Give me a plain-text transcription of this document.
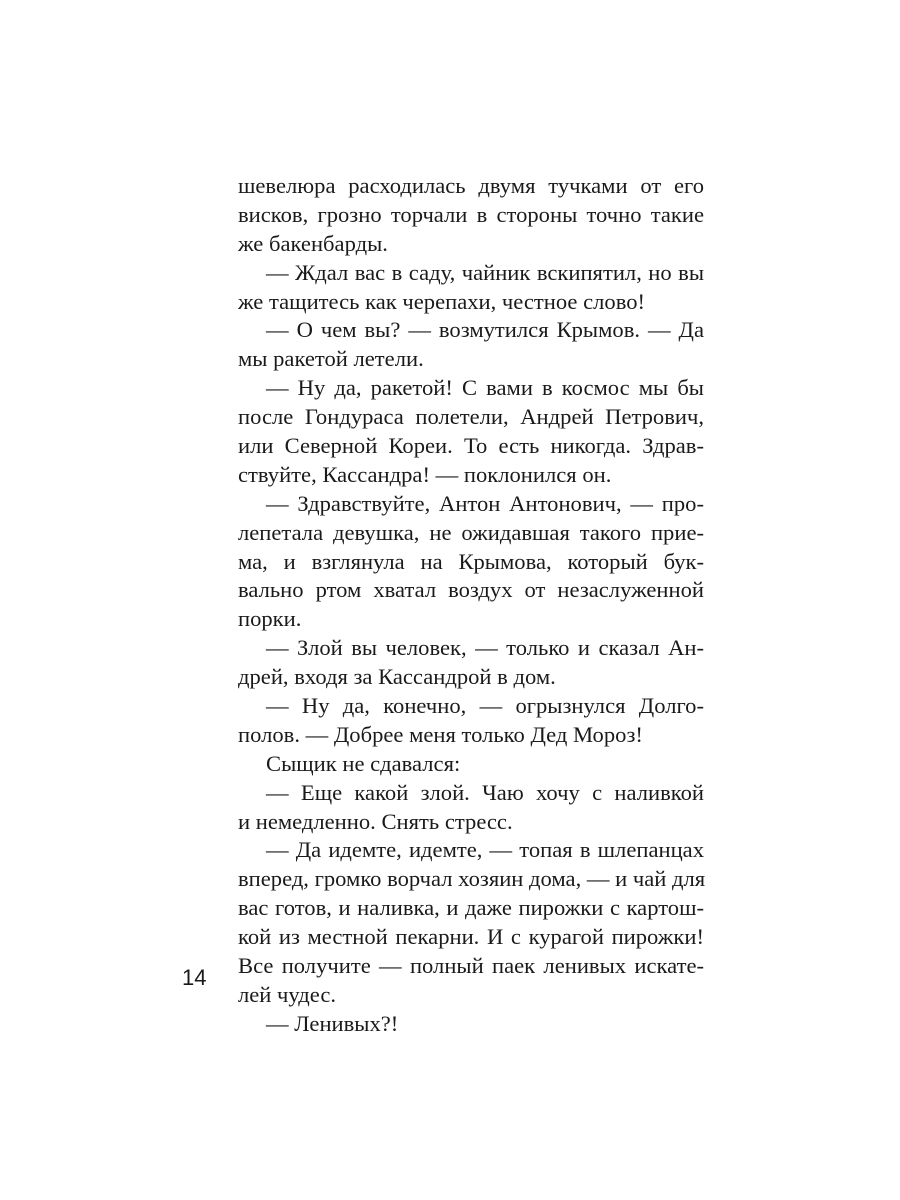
шевелюра расходилась двумя тучками от его
висков, грозно торчали в стороны точно такие
же бакенбарды.
— Ждал вас в саду, чайник вскипятил, но вы
же тащитесь как черепахи, честное слово!
— О чем вы? — возмутился Крымов. — Да
мы ракетой летели.
— Ну да, ракетой! С вами в космос мы бы
после Гондураса полетели, Андрей Петрович,
или Северной Кореи. То есть никогда. Здрав-
ствуйте, Кассандра! — поклонился он.
— Здравствуйте, Антон Антонович, — про-
лепетала девушка, не ожидавшая такого прие-
ма, и взглянула на Крымова, который бук-
вально ртом хватал воздух от незаслуженной
порки.
— Злой вы человек, — только и сказал Ан-
дрей, входя за Кассандрой в дом.
— Ну да, конечно, — огрызнулся Долго-
полов. — Добрее меня только Дед Мороз!
Сыщик не сдавался:
— Еще какой злой. Чаю хочу с наливкой
и немедленно. Снять стресс.
— Да идемте, идемте, — топая в шлепанцах
вперед, громко ворчал хозяин дома, — и чай для
вас готов, и наливка, и даже пирожки с картош-
кой из местной пекарни. И с курагой пирожки!
Все получите — полный паек ленивых искате-
лей чудес.
— Ленивых?!
14
